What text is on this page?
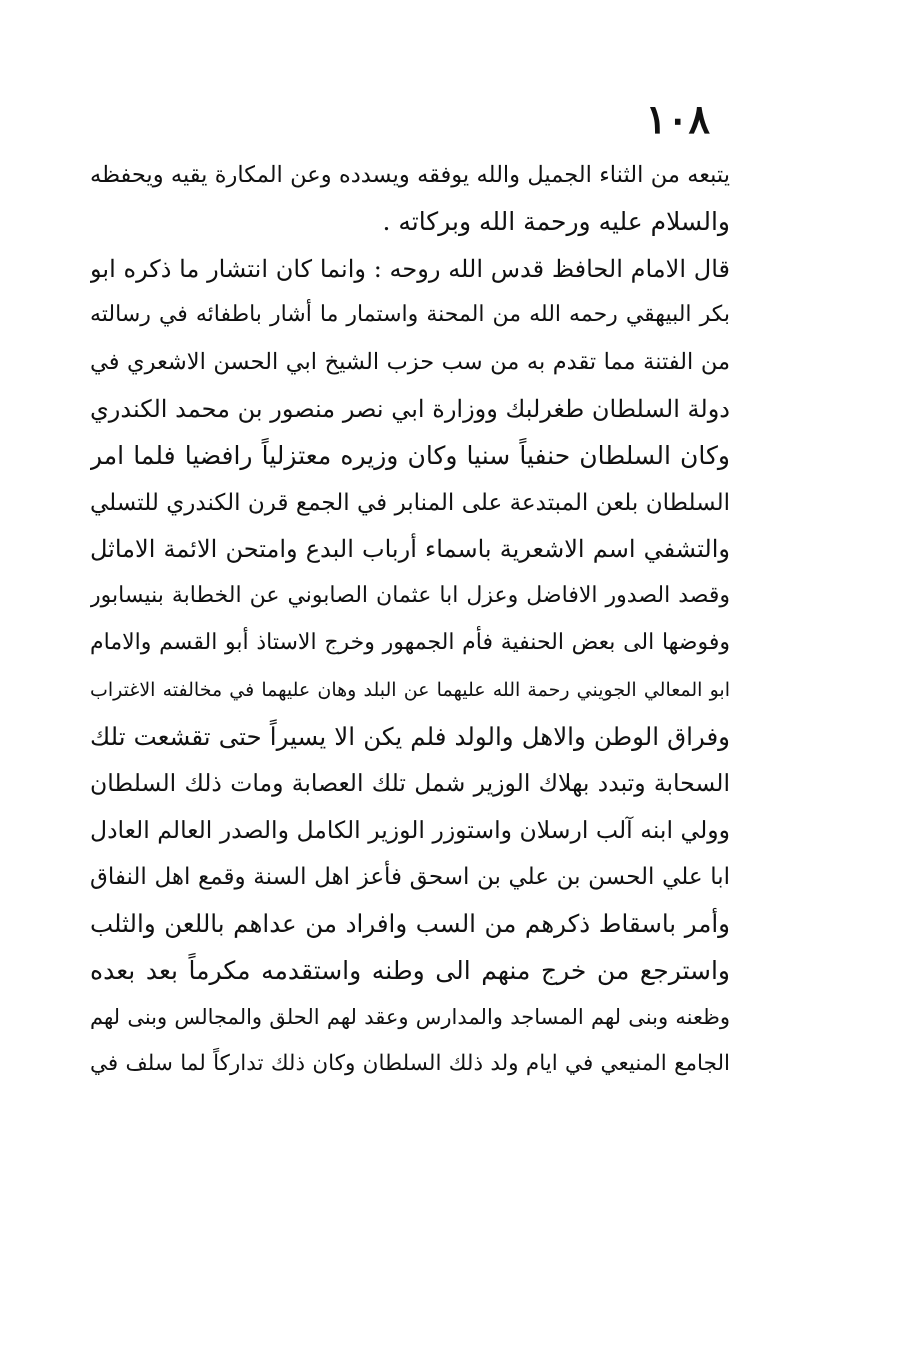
١٠٨
يتبعه من الثناء الجميل والله يوفقه ويسدده وعن المكارة يقيه ويحفظه
والسلام عليه ورحمة الله وبركاته .
قال الامام الحافظ قدس الله روحه : وانما كان انتشار ما ذكره ابو
بكر البيهقي رحمه الله من المحنة واستمار ما أشار باطفائه في رسالته
من الفتنة مما تقدم به من سب حزب الشيخ ابي الحسن الاشعري في
دولة السلطان طغرلبك ووزارة ابي نصر منصور بن محمد الكندري
وكان السلطان حنفياً سنيا وكان وزيره معتزلياً رافضيا فلما امر
السلطان بلعن المبتدعة على المنابر في الجمع قرن الكندري للتسلي
والتشفي اسم الاشعرية باسماء أرباب البدع وامتحن الائمة الاماثل
وقصد الصدور الافاضل وعزل ابا عثمان الصابوني عن الخطابة بنيسابور
وفوضها الى بعض الحنفية فأم الجمهور وخرج الاستاذ أبو القسم والامام
ابو المعالي الجويني رحمة الله عليهما عن البلد وهان عليهما في مخالفته الاغتراب
وفراق الوطن والاهل والولد فلم يكن الا يسيراً حتى تقشعت تلك
السحابة وتبدد بهلاك الوزير شمل تلك العصابة ومات ذلك السلطان
وولي ابنه آلب ارسلان واستوزر الوزير الكامل والصدر العالم العادل
ابا علي الحسن بن علي بن اسحق فأعز اهل السنة وقمع اهل النفاق
وأمر باسقاط ذكرهم من السب وافراد من عداهم باللعن والثلب
واسترجع من خرج منهم الى وطنه واستقدمه مكرماً بعد بعده
وظعنه وبنى لهم المساجد والمدارس وعقد لهم الحلق والمجالس وبنى لهم
الجامع المنيعي في ايام ولد ذلك السلطان وكان ذلك تداركاً لما سلف في
